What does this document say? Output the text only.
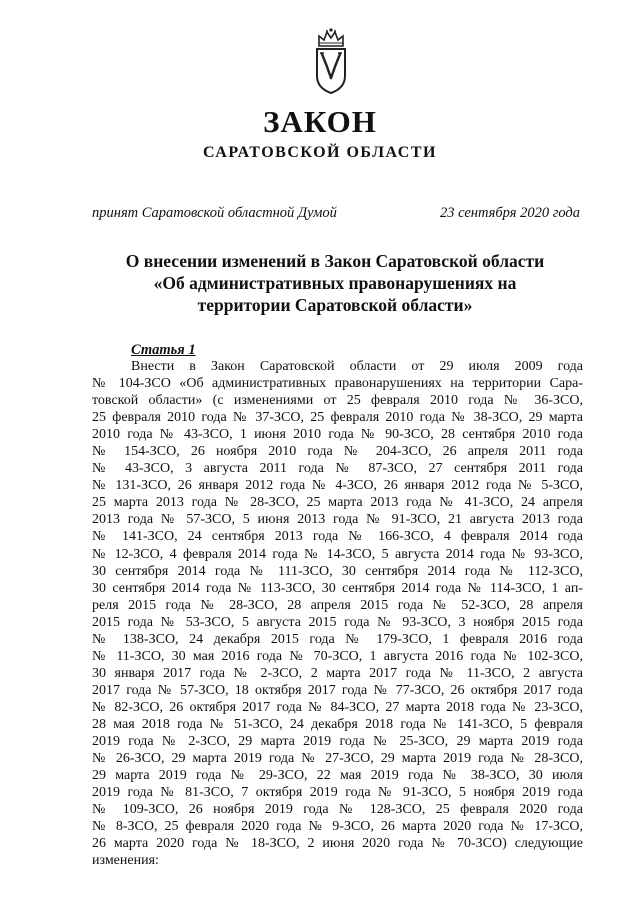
ЗАКОН
САРАТОВСКОЙ ОБЛАСТИ
принят Саратовской областной Думой	23 сентября 2020 года
О внесении изменений в Закон Саратовской области
«Об административных правонарушениях на
территории Саратовской области»
Статья 1
Внести в Закон Саратовской области от 29 июля 2009 года
№ 104-ЗСО «Об административных правонарушениях на территории Сара-
товской области» (с изменениями от 25 февраля 2010 года № 36-ЗСО,
25 февраля 2010 года № 37-ЗСО, 25 февраля 2010 года № 38-ЗСО, 29 марта
2010 года № 43-ЗСО, 1 июня 2010 года № 90-ЗСО, 28 сентября 2010 года
№ 154-ЗСО, 26 ноября 2010 года № 204-ЗСО, 26 апреля 2011 года
№ 43-ЗСО, 3 августа 2011 года № 87-ЗСО, 27 сентября 2011 года
№ 131-ЗСО, 26 января 2012 года № 4-ЗСО, 26 января 2012 года № 5-ЗСО,
25 марта 2013 года № 28-ЗСО, 25 марта 2013 года № 41-ЗСО, 24 апреля
2013 года № 57-ЗСО, 5 июня 2013 года № 91-ЗСО, 21 августа 2013 года
№ 141-ЗСО, 24 сентября 2013 года № 166-ЗСО, 4 февраля 2014 года
№ 12-ЗСО, 4 февраля 2014 года № 14-ЗСО, 5 августа 2014 года № 93-ЗСО,
30 сентября 2014 года № 111-ЗСО, 30 сентября 2014 года № 112-ЗСО,
30 сентября 2014 года № 113-ЗСО, 30 сентября 2014 года № 114-ЗСО, 1 ап-
реля 2015 года № 28-ЗСО, 28 апреля 2015 года № 52-ЗСО, 28 апреля
2015 года № 53-ЗСО, 5 августа 2015 года № 93-ЗСО, 3 ноября 2015 года
№ 138-ЗСО, 24 декабря 2015 года № 179-ЗСО, 1 февраля 2016 года
№ 11-ЗСО, 30 мая 2016 года № 70-ЗСО, 1 августа 2016 года № 102-ЗСО,
30 января 2017 года № 2-ЗСО, 2 марта 2017 года № 11-ЗСО, 2 августа
2017 года № 57-ЗСО, 18 октября 2017 года № 77-ЗСО, 26 октября 2017 года
№ 82-ЗСО, 26 октября 2017 года № 84-ЗСО, 27 марта 2018 года № 23-ЗСО,
28 мая 2018 года № 51-ЗСО, 24 декабря 2018 года № 141-ЗСО, 5 февраля
2019 года № 2-ЗСО, 29 марта 2019 года № 25-ЗСО, 29 марта 2019 года
№ 26-ЗСО, 29 марта 2019 года № 27-ЗСО, 29 марта 2019 года № 28-ЗСО,
29 марта 2019 года № 29-ЗСО, 22 мая 2019 года № 38-ЗСО, 30 июля
2019 года № 81-ЗСО, 7 октября 2019 года № 91-ЗСО, 5 ноября 2019 года
№ 109-ЗСО, 26 ноября 2019 года № 128-ЗСО, 25 февраля 2020 года
№ 8-ЗСО, 25 февраля 2020 года № 9-ЗСО, 26 марта 2020 года № 17-ЗСО,
26 марта 2020 года № 18-ЗСО, 2 июня 2020 года № 70-ЗСО) следующие
изменения:
